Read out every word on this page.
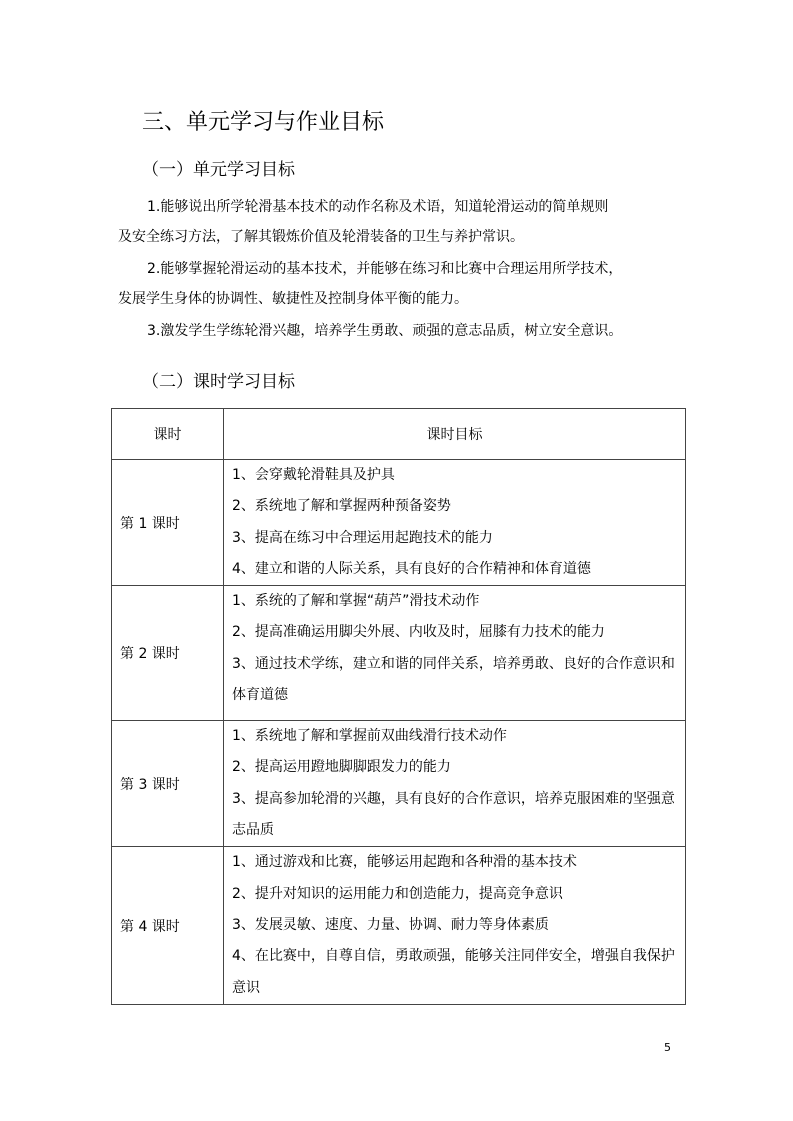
三、单元学习与作业目标
（一）单元学习目标
1.能够说出所学轮滑基本技术的动作名称及术语，知道轮滑运动的简单规则
及安全练习方法，了解其锻炼价值及轮滑装备的卫生与养护常识。
2.能够掌握轮滑运动的基本技术，并能够在练习和比赛中合理运用所学技术，
发展学生身体的协调性、敏捷性及控制身体平衡的能力。
3.激发学生学练轮滑兴趣，培养学生勇敢、顽强的意志品质，树立安全意识。
（二）课时学习目标
课时	课时目标
第 1 课时	1、会穿戴轮滑鞋具及护具
2、系统地了解和掌握两种预备姿势
3、提高在练习中合理运用起跑技术的能力
4、建立和谐的人际关系，具有良好的合作精神和体育道德

第 2 课时	1、系统的了解和掌握“葫芦”滑技术动作
2、提高准确运用脚尖外展、内收及时，屈膝有力技术的能力
3、通过技术学练，建立和谐的同伴关系，培养勇敢、良好的合作意识和体育道德

第 3 课时	1、系统地了解和掌握前双曲线滑行技术动作
2、提高运用蹬地脚脚跟发力的能力
3、提高参加轮滑的兴趣，具有良好的合作意识，培养克服困难的坚强意志品质

第 4 课时	1、通过游戏和比赛，能够运用起跑和各种滑的基本技术
2、提升对知识的运用能力和创造能力，提高竞争意识
3、发展灵敏、速度、力量、协调、耐力等身体素质
4、在比赛中，自尊自信，勇敢顽强，能够关注同伴安全，增强自我保护意识
5
